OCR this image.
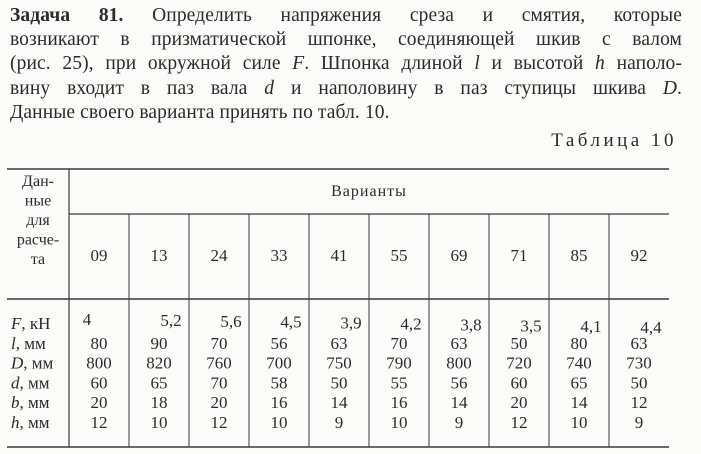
Задача 81. Определить напряжения среза и смятия, которые
возникают в призматической шпонке, соединяющей шкив с валом
(рис. 25), при окружной силе F. Шпонка длиной l и высотой h наполо-
вину входит в паз вала d и наполовину в паз ступицы шкива D.
Данные своего варианта принять по табл. 10.
Таблица 10
Дан-
ные
для
расче-
та
Варианты
09	13	24	33	41	55	69	71	85	92
F, кН 4	5,2 5,6 4,5 3,9 4,2 3,8 3,5 4,1 4,4
l, мм	80	90	70	56	63	70	63	50	80	63
D, мм 800 820 760 700 750 790 800 720 740 730
d, мм 60	65	70	58	50	55	56	60	65	50
b, мм 20	18	20	16	14	16	14	20	14	12
h, мм 12	10	12	10	9	10	9	12	10	9
